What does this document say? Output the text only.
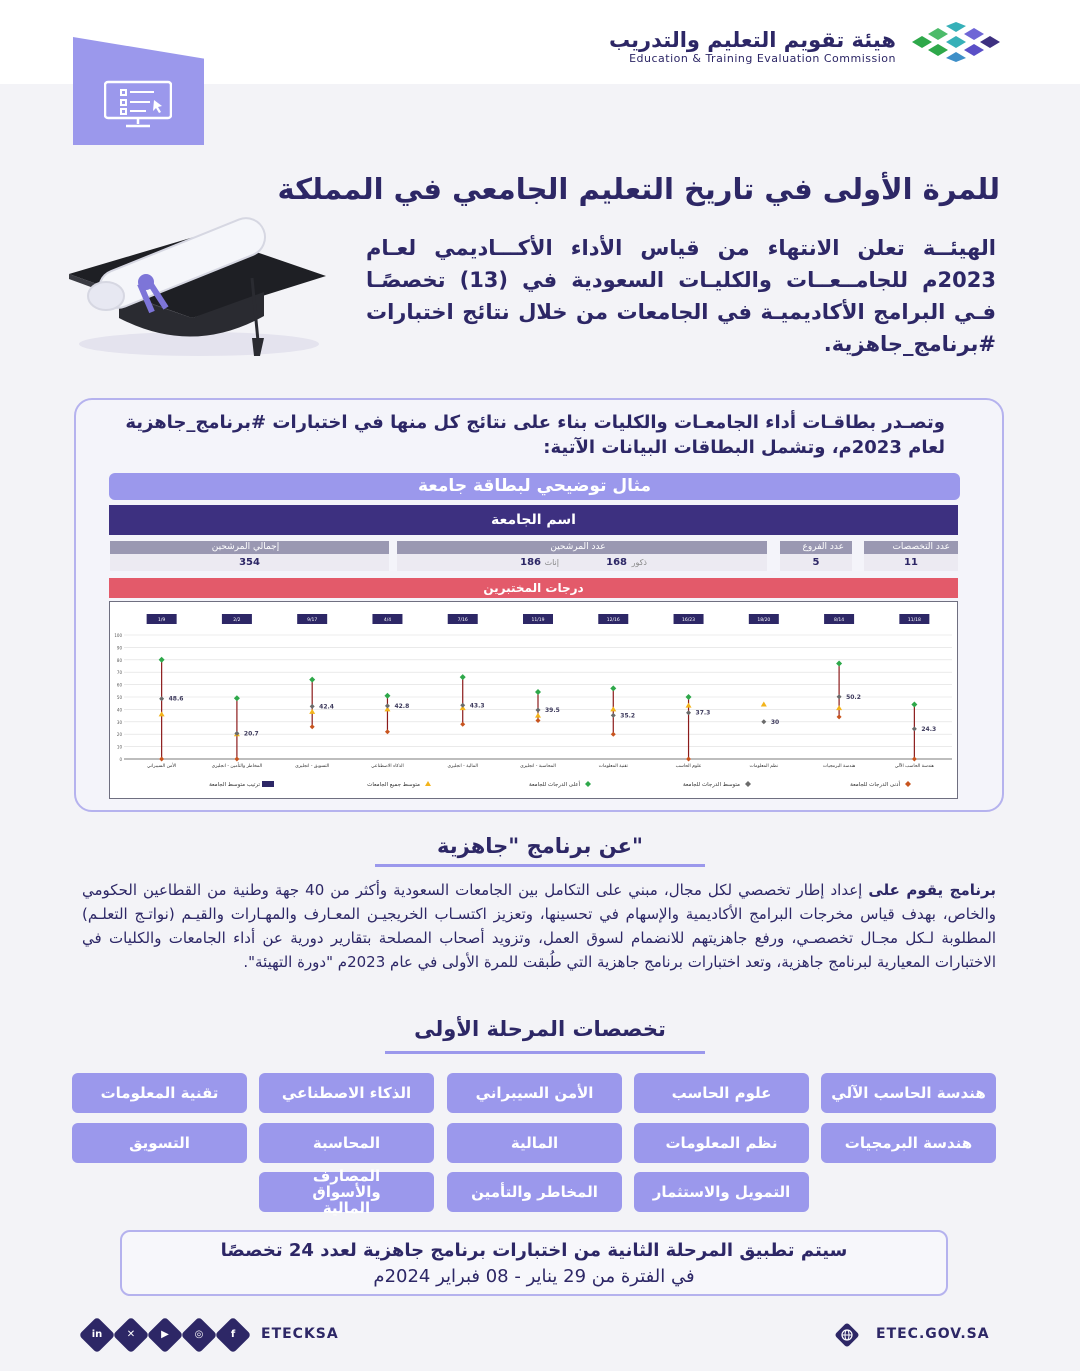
هيئة تقويم التعليم والتدريب
Education & Training Evaluation Commission
للمرة الأولى في تاريخ التعليم الجامعي في المملكة
الهيئــة تعلن الانتهاء من قياس الأداء الأكـــاديمي لعـام 2023م للجامــعــات والكليـات السعودية في (13) تخصصًـا فـي البرامج الأكاديميـة في الجامعات من خلال نتائج اختبارات #برنامج_جاهزية.
وتصـدر بطاقـات أداء الجامعـات والكليات بناء على نتائج كل منها في اختبارات #برنامج_جاهزية لعام 2023م، وتشمل البطاقات البيانات الآتية:
مثال توضيحي لبطاقة جامعة
اسم الجامعة
عدد التخصصات
11
عدد الفروع
5
عدد المرشحين
ذكور
168
إناث
186
إجمالي المرشحين
354
درجات المختبرين
0
10
20
30
40
50
60
70
80
90
100
11/18
24.3
هندسة الحاسب الآلي
8/14
50.2
هندسة البرمجيات
18/20
30
نظم المعلومات
16/23
37.3
علوم الحاسب
12/16
35.2
تقنية المعلومات
11/19
39.5
المحاسبة - انجليزي
7/16
43.3
المالية - انجليزي
4/4
42.8
الذكاء الاصطناعي
9/17
42.4
التسويق - انجليزي
2/2
20.7
المخاطر والتأمين - انجليزي
1/9
48.6
الأمن السيبراني
أدنى الدرجات للجامعة
متوسط الدرجات للجامعة
أعلى الدرجات للجامعة
متوسط جميع الجامعات
ترتيب متوسط الجامعة
عن برنامج "جاهزية"
برنامج يقوم على إعداد إطار تخصصي لكل مجال، مبني على التكامل بين الجامعات السعودية وأكثر من 40 جهة وطنية من القطاعين الحكومي والخاص، بهدف قياس مخرجات البرامج الأكاديمية والإسهام في تحسينها، وتعزيز اكتسـاب الخريجيـن المعـارف والمهـارات والقيـم (نواتـج التعلـم) المطلوبة لـكل مجـال تخصصـي، ورفع جاهزيتهم للانضمام لسوق العمل، وتزويد أصحاب المصلحة بتقارير دورية عن أداء الجامعات والكليات في الاختبارات المعيارية لبرنامج جاهزية، وتعد اختبارات برنامج جاهزية التي طُبقت للمرة الأولى في عام 2023م "دورة التهيئة".
تخصصات المرحلة الأولى
هندسة الحاسب الآلي
علوم الحاسب
الأمن السيبراني
الذكاء الاصطناعي
تقنية المعلومات
هندسة البرمجيات
نظم المعلومات
المالية
المحاسبة
التسويق
التمويل والاستثمار
المخاطر والتأمين
المصارف والأسواق المالية
سيتم تطبيق المرحلة الثانية من اختبارات برنامج جاهزية لعدد 24 تخصصًا
في الفترة من 29 يناير - 08 فبراير 2024م
in	✕	▶	◎	f	ETECKSA	ETEC.GOV.SA
